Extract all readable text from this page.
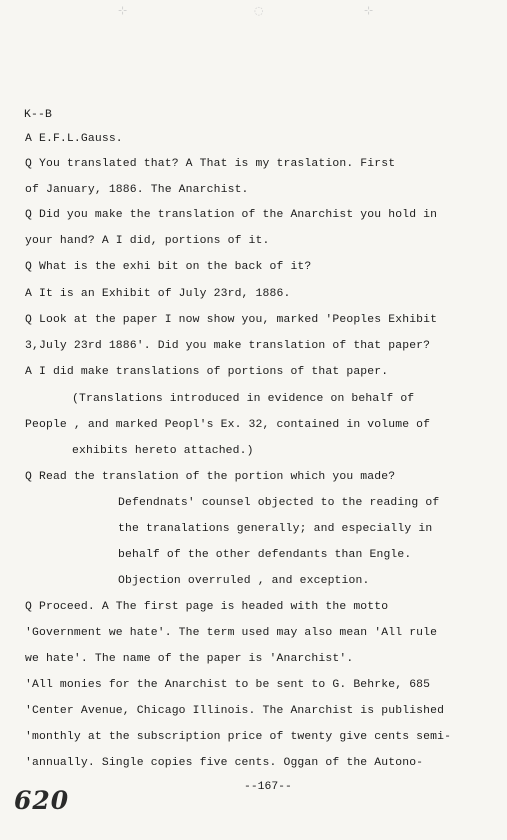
⊹	◌	⊹
K--B
A E.F.L.Gauss.
Q You translated that? A That is my traslation. First
of January, 1886. The Anarchist.
Q Did you make the translation of the Anarchist you hold in
your hand? A I did, portions of it.
Q What is the exhi bit on the back of it?
A It is an Exhibit of July 23rd, 1886.
Q Look at the paper I now show you, marked 'Peoples Exhibit
3,July 23rd 1886'. Did you make translation of that paper?
A I did make translations of portions of that paper.
(Translations introduced in evidence on behalf of
People , and marked Peopl's Ex. 32, contained in volume of
exhibits hereto attached.)
Q Read the translation of the portion which you made?
Defendnats' counsel objected to the reading of
the tranalations generally; and especially in
behalf of the other defendants than Engle.
Objection overruled , and exception.
Q Proceed. A The first page is headed with the motto
'Government we hate'. The term used may also mean 'All rule
we hate'. The name of the paper is 'Anarchist'.
'All monies for the Anarchist to be sent to G. Behrke, 685
'Center Avenue, Chicago Illinois. The Anarchist is published
'monthly at the subscription price of twenty give cents semi-
'annually. Single copies five cents. Oggan of the Autono-
--167--
620
